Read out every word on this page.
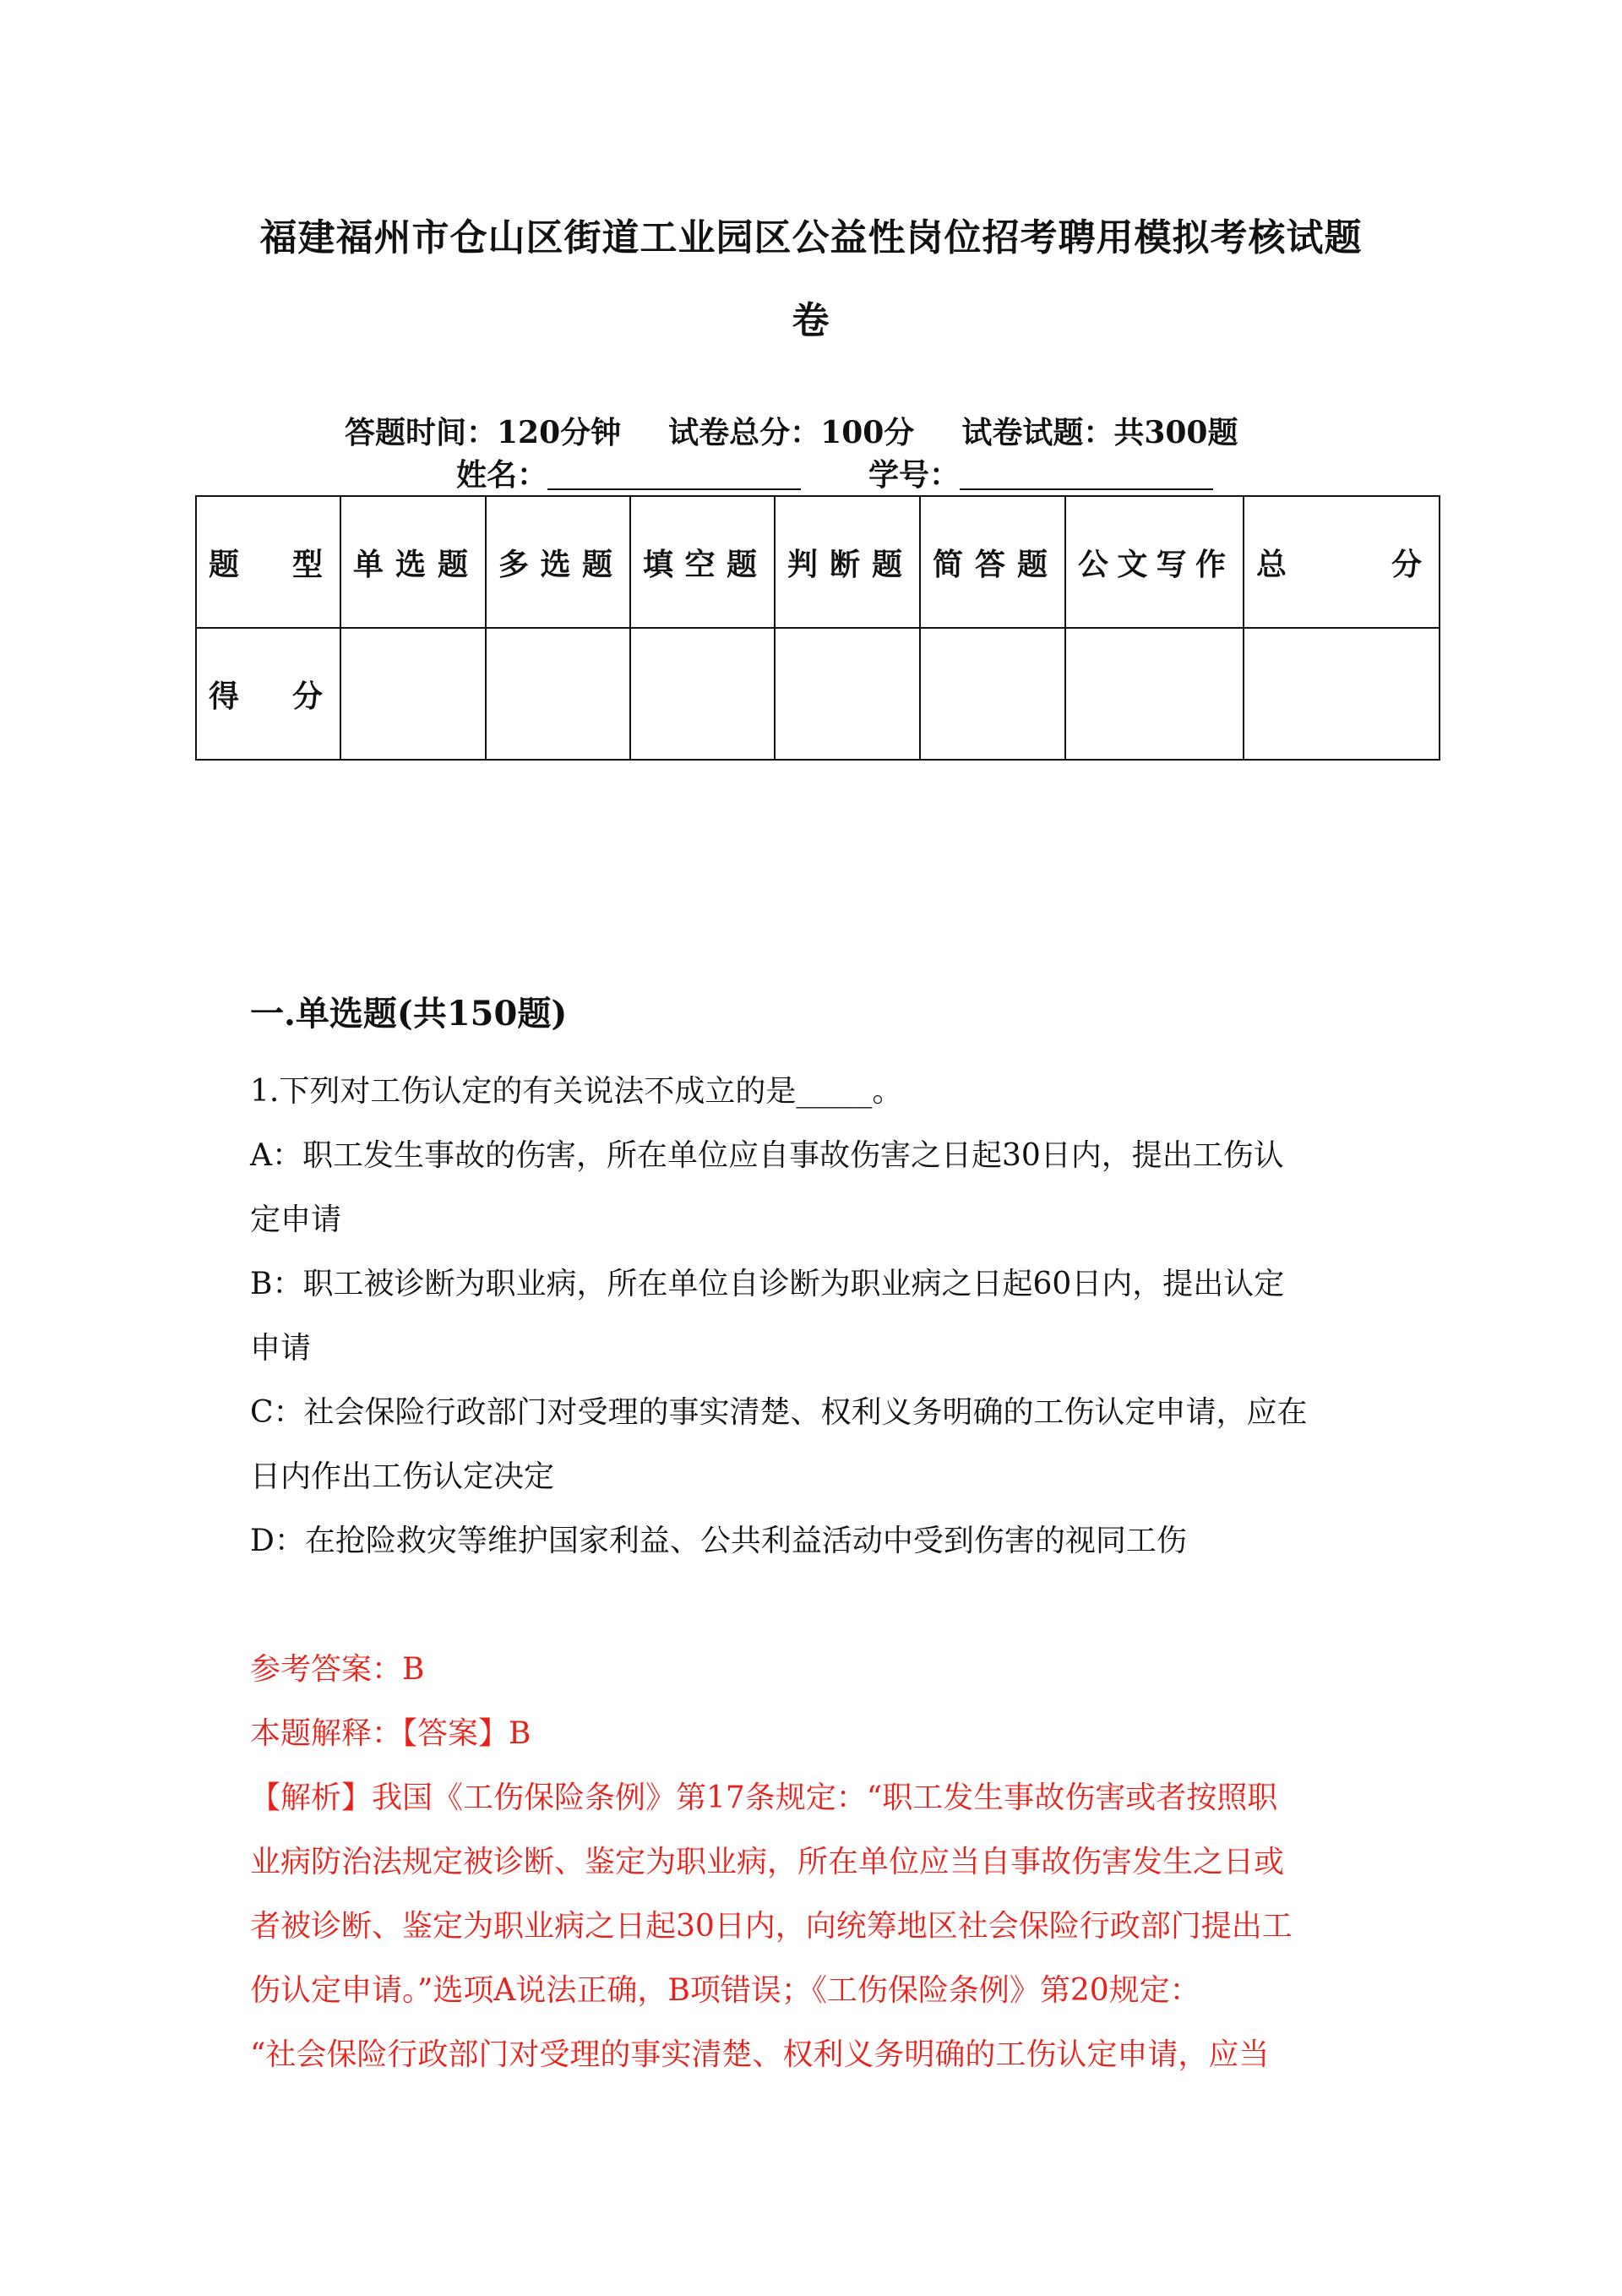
福建福州市仓山区街道工业园区公益性岗位招考聘用模拟考核试题
卷
答题时间：120分钟 试卷总分：100分 试卷试题：共300题
姓名：	学号：
题型	单选题	多选题	填空题	判断题	简答题	公文写作	总分
得分							
一.单选题(共150题)
1.下列对工伤认定的有关说法不成立的是_____。
A：职工发生事故的伤害，所在单位应自事故伤害之日起30日内，提出工伤认
定申请
B：职工被诊断为职业病，所在单位自诊断为职业病之日起60日内，提出认定
申请
C：社会保险行政部门对受理的事实清楚、权利义务明确的工伤认定申请，应在
日内作出工伤认定决定
D：在抢险救灾等维护国家利益、公共利益活动中受到伤害的视同工伤
参考答案：B
本题解释：【答案】B
【解析】我国《工伤保险条例》第17条规定：“职工发生事故伤害或者按照职
业病防治法规定被诊断、鉴定为职业病，所在单位应当自事故伤害发生之日或
者被诊断、鉴定为职业病之日起30日内，向统筹地区社会保险行政部门提出工
伤认定申请。”选项A说法正确，B项错误；《工伤保险条例》第20规定：
“社会保险行政部门对受理的事实清楚、权利义务明确的工伤认定申请，应当
